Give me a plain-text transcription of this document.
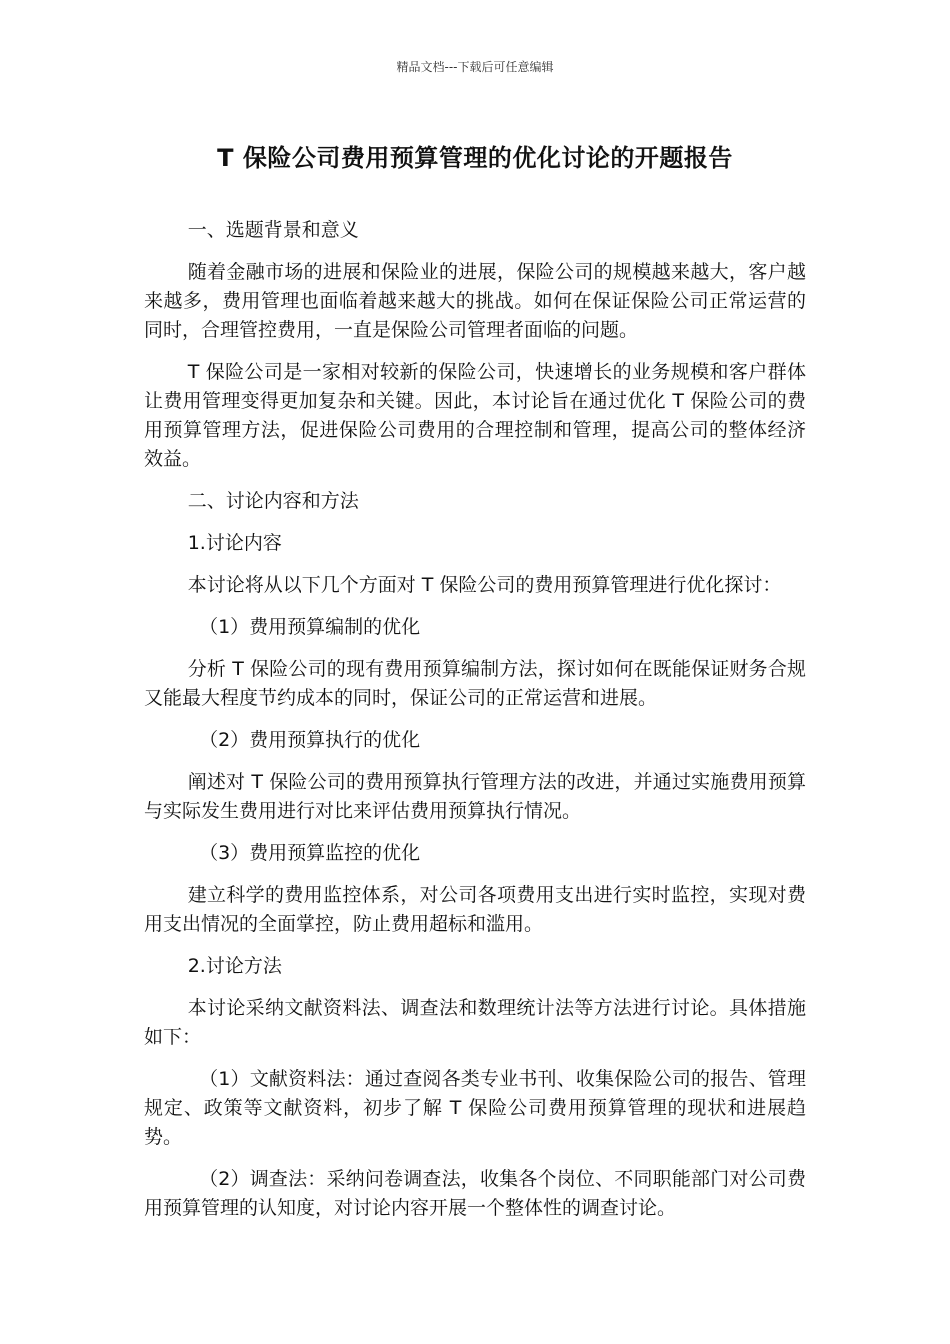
精品文档---下载后可任意编辑
T 保险公司费用预算管理的优化讨论的开题报告

一、选题背景和意义

随着金融市场的进展和保险业的进展，保险公司的规模越来越大，客户越来越多，费用管理也面临着越来越大的挑战。如何在保证保险公司正常运营的同时，合理管控费用，一直是保险公司管理者面临的问题。

T 保险公司是一家相对较新的保险公司，快速增长的业务规模和客户群体让费用管理变得更加复杂和关键。因此，本讨论旨在通过优化 T 保险公司的费用预算管理方法，促进保险公司费用的合理控制和管理，提高公司的整体经济效益。

二、讨论内容和方法

1.讨论内容

本讨论将从以下几个方面对 T 保险公司的费用预算管理进行优化探讨：

（1）费用预算编制的优化

分析 T 保险公司的现有费用预算编制方法，探讨如何在既能保证财务合规又能最大程度节约成本的同时，保证公司的正常运营和进展。

（2）费用预算执行的优化

阐述对 T 保险公司的费用预算执行管理方法的改进，并通过实施费用预算与实际发生费用进行对比来评估费用预算执行情况。

（3）费用预算监控的优化

建立科学的费用监控体系，对公司各项费用支出进行实时监控，实现对费用支出情况的全面掌控，防止费用超标和滥用。

2.讨论方法

本讨论采纳文献资料法、调查法和数理统计法等方法进行讨论。具体措施如下：

（1）文献资料法：通过查阅各类专业书刊、收集保险公司的报告、管理规定、政策等文献资料，初步了解 T 保险公司费用预算管理的现状和进展趋势。

（2）调查法：采纳问卷调查法，收集各个岗位、不同职能部门对公司费用预算管理的认知度，对讨论内容开展一个整体性的调查讨论。
